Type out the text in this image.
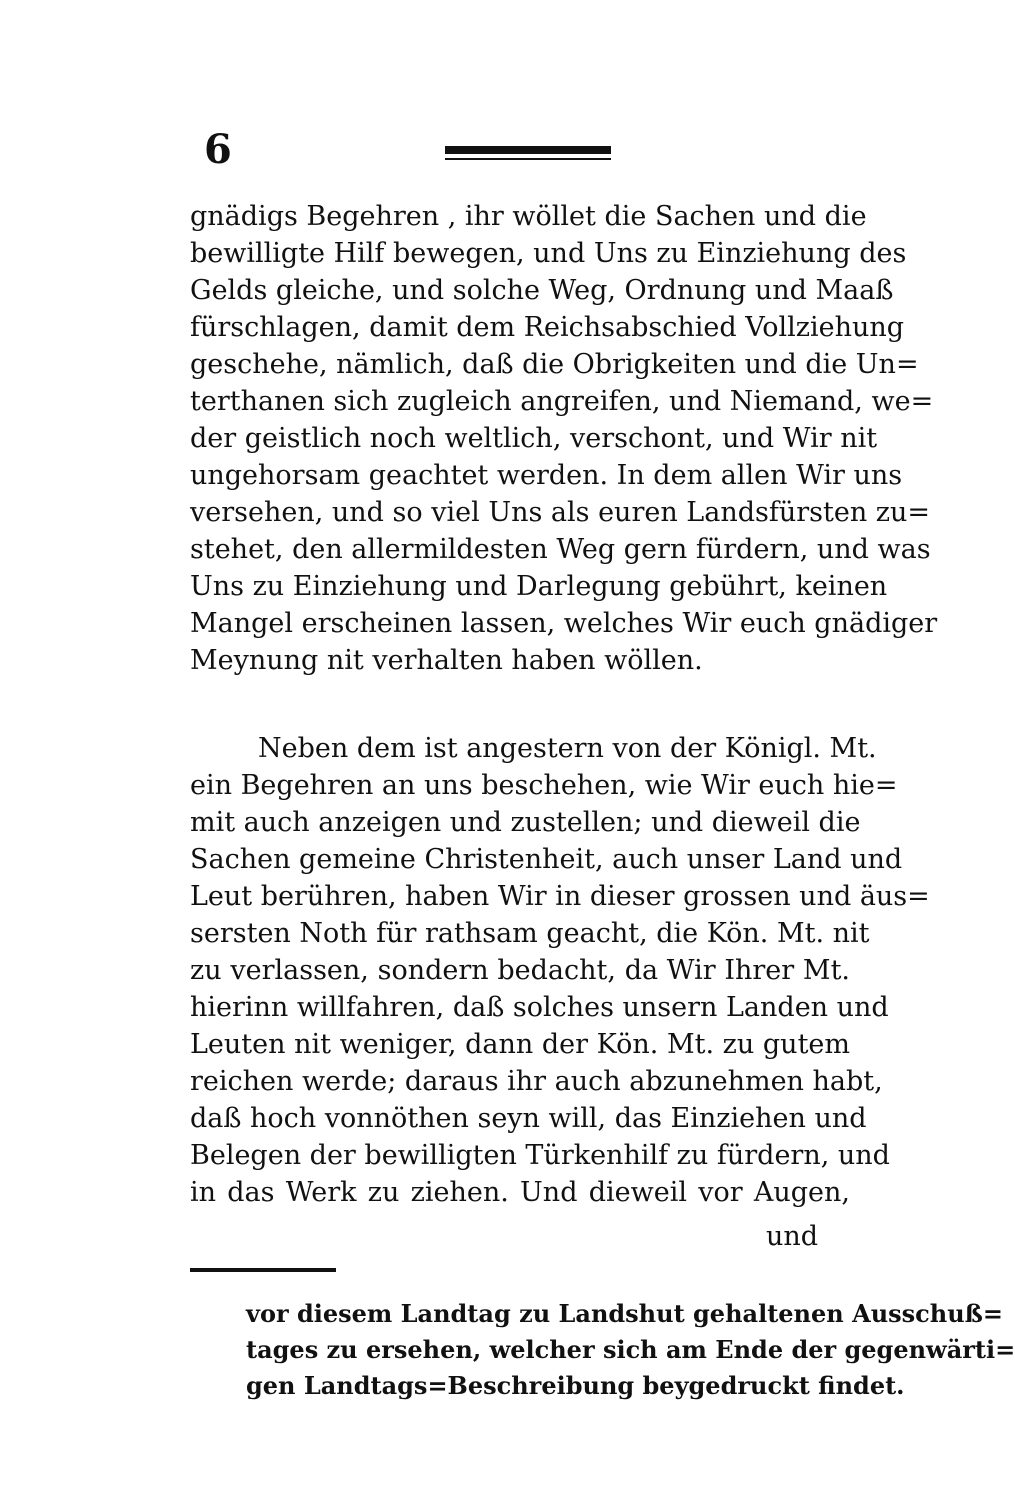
6
gnädigs Begehren , ihr wöllet die Sachen und die
bewilligte Hilf bewegen, und Uns zu Einziehung des
Gelds gleiche, und solche Weg, Ordnung und Maaß
fürschlagen, damit dem Reichsabschied Vollziehung
geschehe, nämlich, daß die Obrigkeiten und die Un=
terthanen sich zugleich angreifen, und Niemand, we=
der geistlich noch weltlich, verschont, und Wir nit
ungehorsam geachtet werden. In dem allen Wir uns
versehen, und so viel Uns als euren Landsfürsten zu=
stehet, den allermildesten Weg gern fürdern, und was
Uns zu Einziehung und Darlegung gebührt, keinen
Mangel erscheinen lassen, welches Wir euch gnädiger
Meynung nit verhalten haben wöllen.
Neben dem ist angestern von der Königl. Mt.
ein Begehren an uns beschehen, wie Wir euch hie=
mit auch anzeigen und zustellen; und dieweil die
Sachen gemeine Christenheit, auch unser Land und
Leut berühren, haben Wir in dieser grossen und äus=
sersten Noth für rathsam geacht, die Kön. Mt. nit
zu verlassen, sondern bedacht, da Wir Ihrer Mt.
hierinn willfahren, daß solches unsern Landen und
Leuten nit weniger, dann der Kön. Mt. zu gutem
reichen werde; daraus ihr auch abzunehmen habt,
daß hoch vonnöthen seyn will, das Einziehen und
Belegen der bewilligten Türkenhilf zu fürdern, und
in das Werk zu ziehen. Und dieweil vor Augen,
und
vor diesem Landtag zu Landshut gehaltenen Ausschuß=
tages zu ersehen, welcher sich am Ende der gegenwärti=
gen Landtags=Beschreibung beygedruckt findet.
